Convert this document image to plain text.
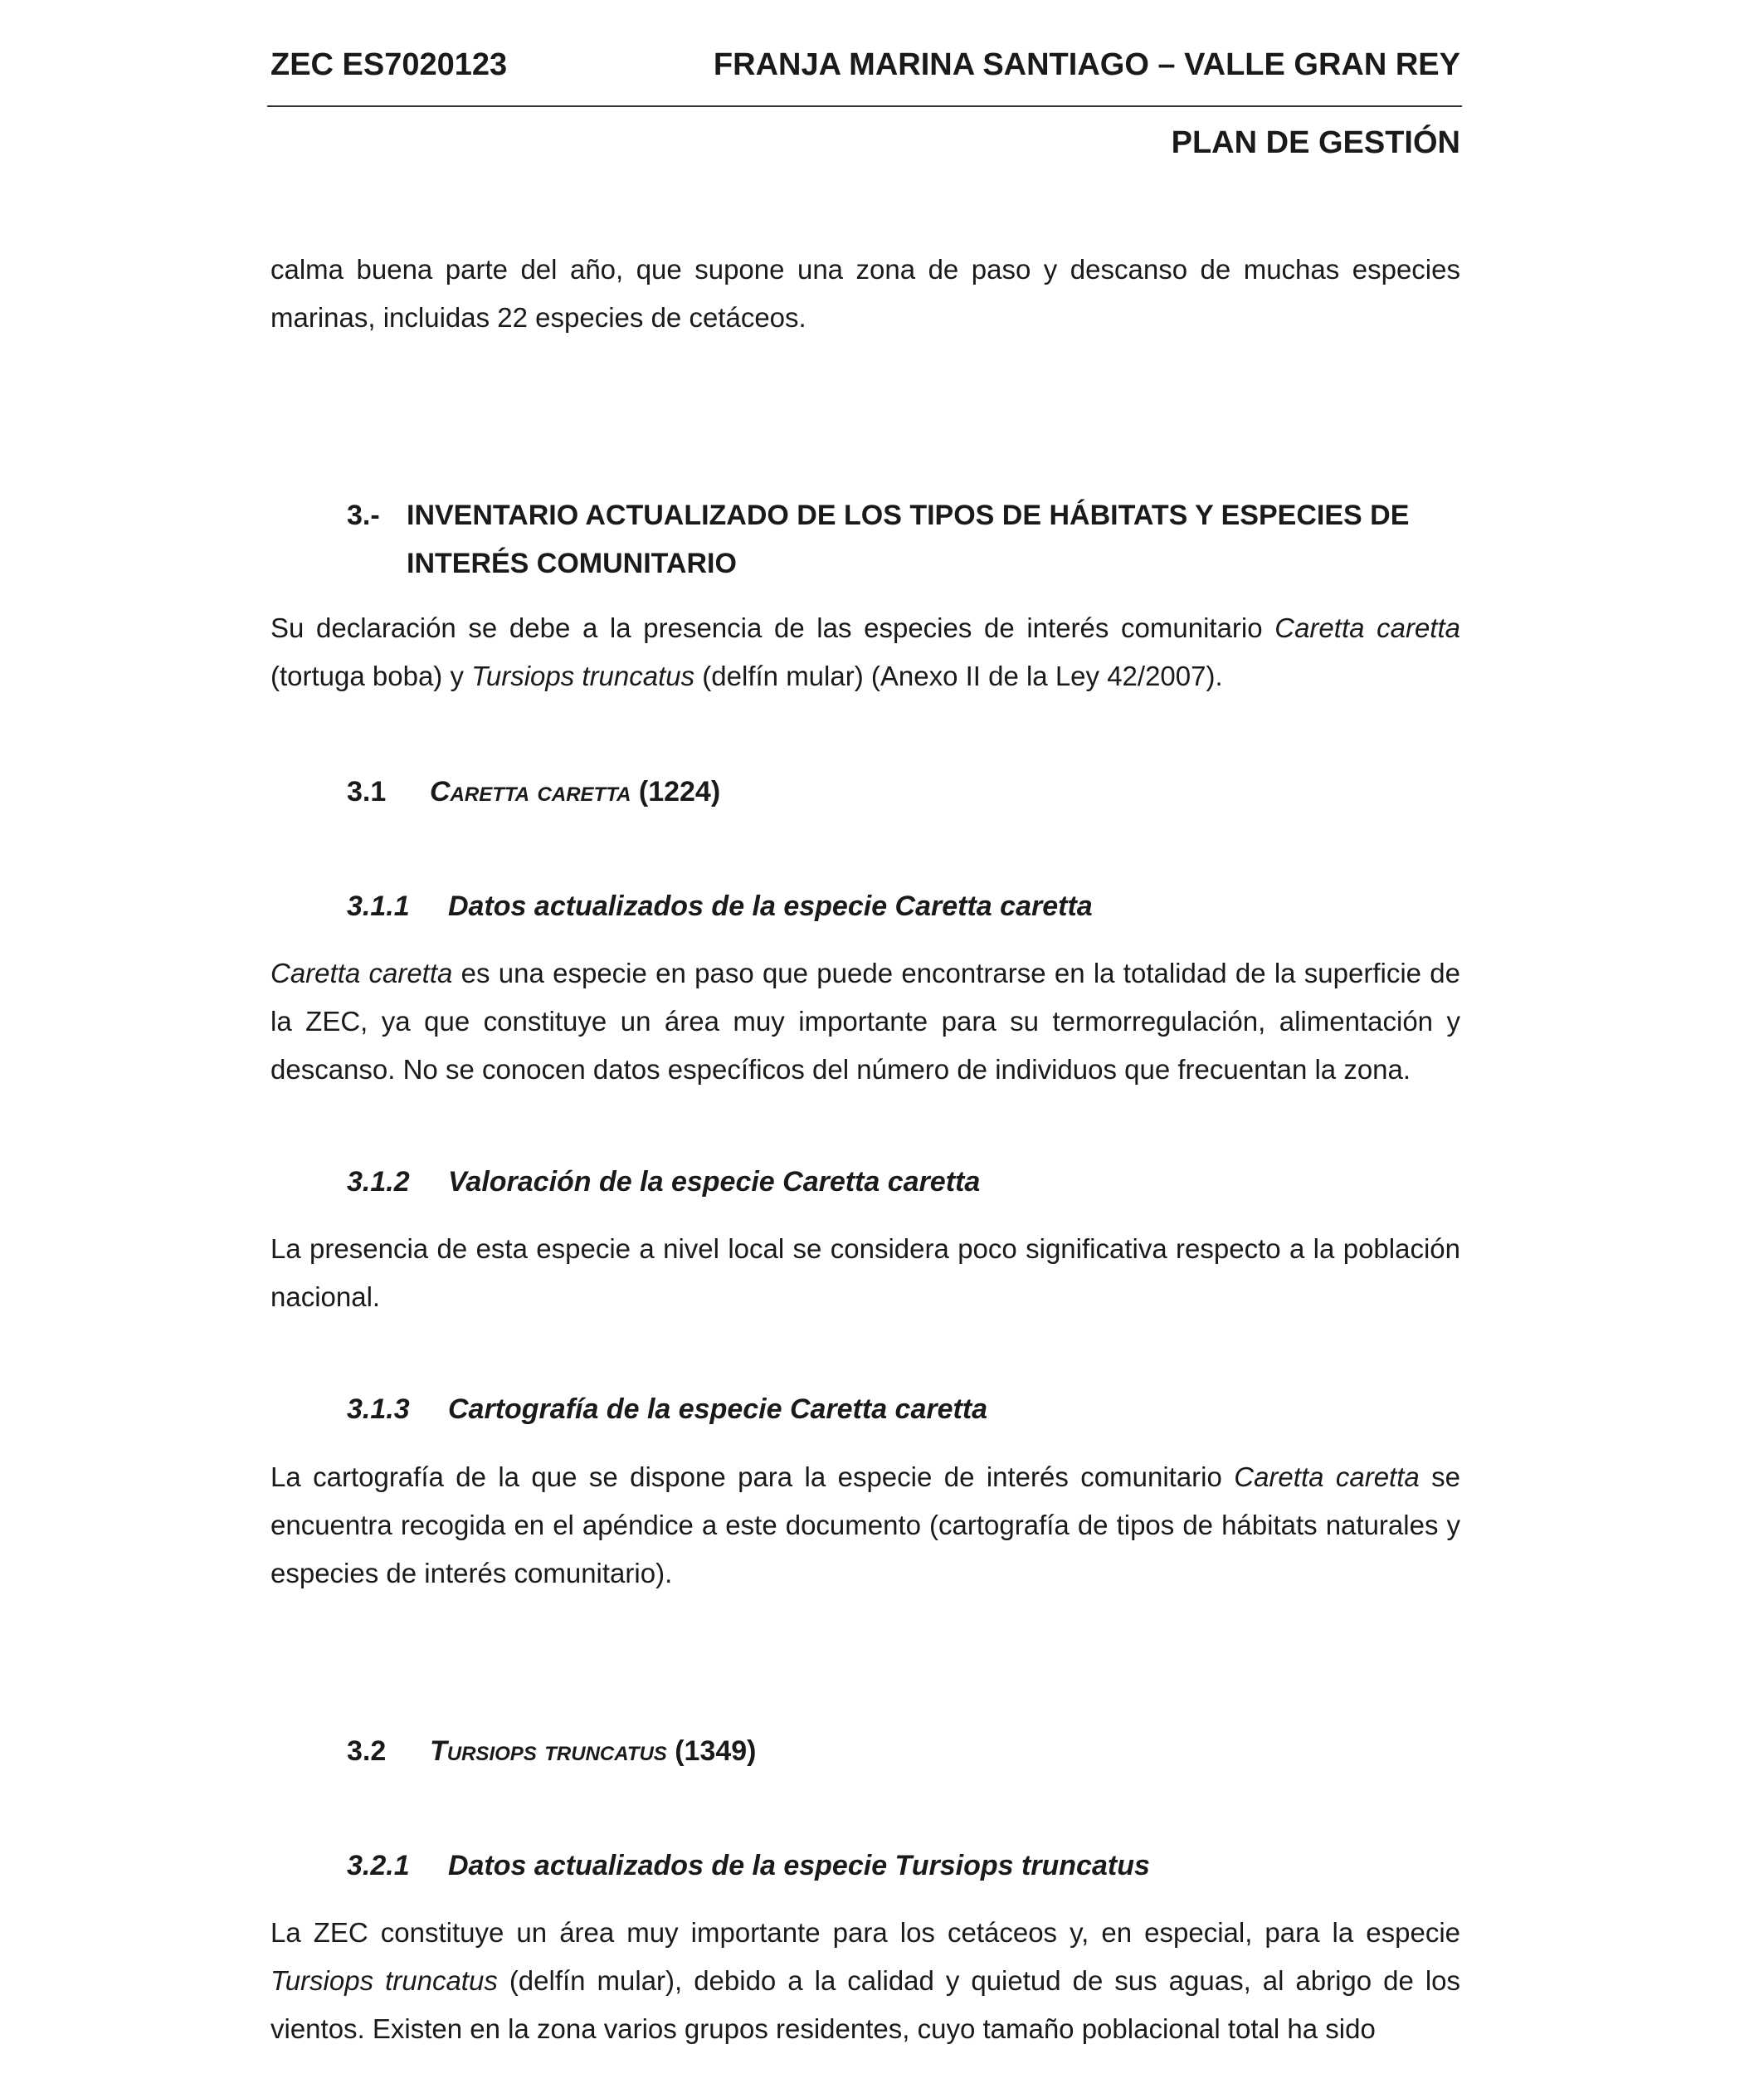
ZEC ES7020123	FRANJA MARINA SANTIAGO – VALLE GRAN REY
PLAN DE GESTIÓN

calma buena parte del año, que supone una zona de paso y descanso de muchas especies marinas, incluidas 22 especies de cetáceos.

3.- INVENTARIO ACTUALIZADO DE LOS TIPOS DE HÁBITATS Y ESPECIES DE INTERÉS COMUNITARIO

Su declaración se debe a la presencia de las especies de interés comunitario Caretta caretta (tortuga boba) y Tursiops truncatus (delfín mular) (Anexo II de la Ley 42/2007).

3.1 Caretta caretta (1224)
3.1.1 Datos actualizados de la especie Caretta caretta

Caretta caretta es una especie en paso que puede encontrarse en la totalidad de la superficie de la ZEC, ya que constituye un área muy importante para su termorregulación, alimentación y descanso. No se conocen datos específicos del número de individuos que frecuentan la zona.

3.1.2 Valoración de la especie Caretta caretta

La presencia de esta especie a nivel local se considera poco significativa respecto a la población nacional.

3.1.3 Cartografía de la especie Caretta caretta

La cartografía de la que se dispone para la especie de interés comunitario Caretta caretta se encuentra recogida en el apéndice a este documento (cartografía de tipos de hábitats naturales y especies de interés comunitario).

3.2 Tursiops truncatus (1349)
3.2.1 Datos actualizados de la especie Tursiops truncatus

La ZEC constituye un área muy importante para los cetáceos y, en especial, para la especie Tursiops truncatus (delfín mular), debido a la calidad y quietud de sus aguas, al abrigo de los vientos. Existen en la zona varios grupos residentes, cuyo tamaño poblacional total ha sido
